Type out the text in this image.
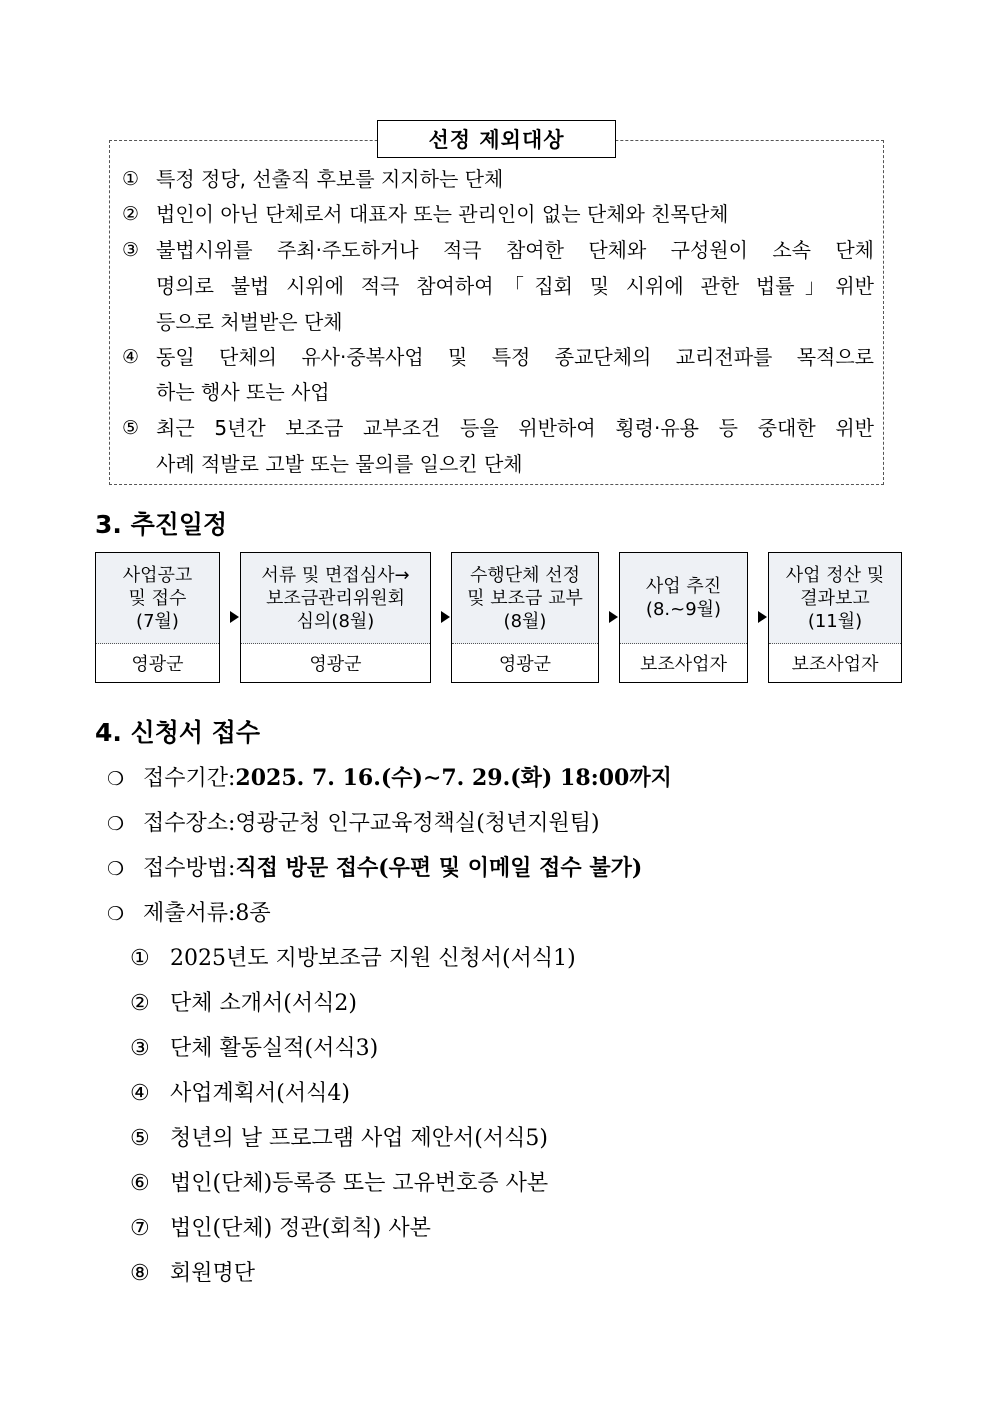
선정 제외대상
① 특정 정당, 선출직 후보를 지지하는 단체
② 법인이 아닌 단체로서 대표자 또는 관리인이 없는 단체와 친목단체
③ 불법시위를 주최·주도하거나 적극 참여한 단체와 구성원이 소속 단체
명의로 불법 시위에 적극 참여하여「집회 및 시위에 관한 법률」위반
등으로 처벌받은 단체
④ 동일 단체의 유사·중복사업 및 특정 종교단체의 교리전파를 목적으로
하는 행사 또는 사업
⑤ 최근 5년간 보조금 교부조건 등을 위반하여 횡령·유용 등 중대한 위반
사례 적발로 고발 또는 물의를 일으킨 단체
3. 추진일정
사업공고
및 접수
(7월)
영광군
서류 및 면접심사→
보조금관리위원회
심의(8월)
영광군
수행단체 선정
및 보조금 교부
(8월)
영광군
사업 추진
(8.~9월)
보조사업자
사업 정산 및
결과보고
(11월)
보조사업자
4. 신청서 접수
❍ 접수기간: 2025. 7. 16.(수)∼7. 29.(화) 18:00까지
❍ 접수장소: 영광군청 인구교육정책실(청년지원팀)
❍ 접수방법: 직접 방문 접수(우편 및 이메일 접수 불가)
❍ 제출서류: 8종
① 2025년도 지방보조금 지원 신청서(서식1)
② 단체 소개서(서식2)
③ 단체 활동실적(서식3)
④ 사업계획서(서식4)
⑤ 청년의 날 프로그램 사업 제안서(서식5)
⑥ 법인(단체)등록증 또는 고유번호증 사본
⑦ 법인(단체) 정관(회칙) 사본
⑧ 회원명단
